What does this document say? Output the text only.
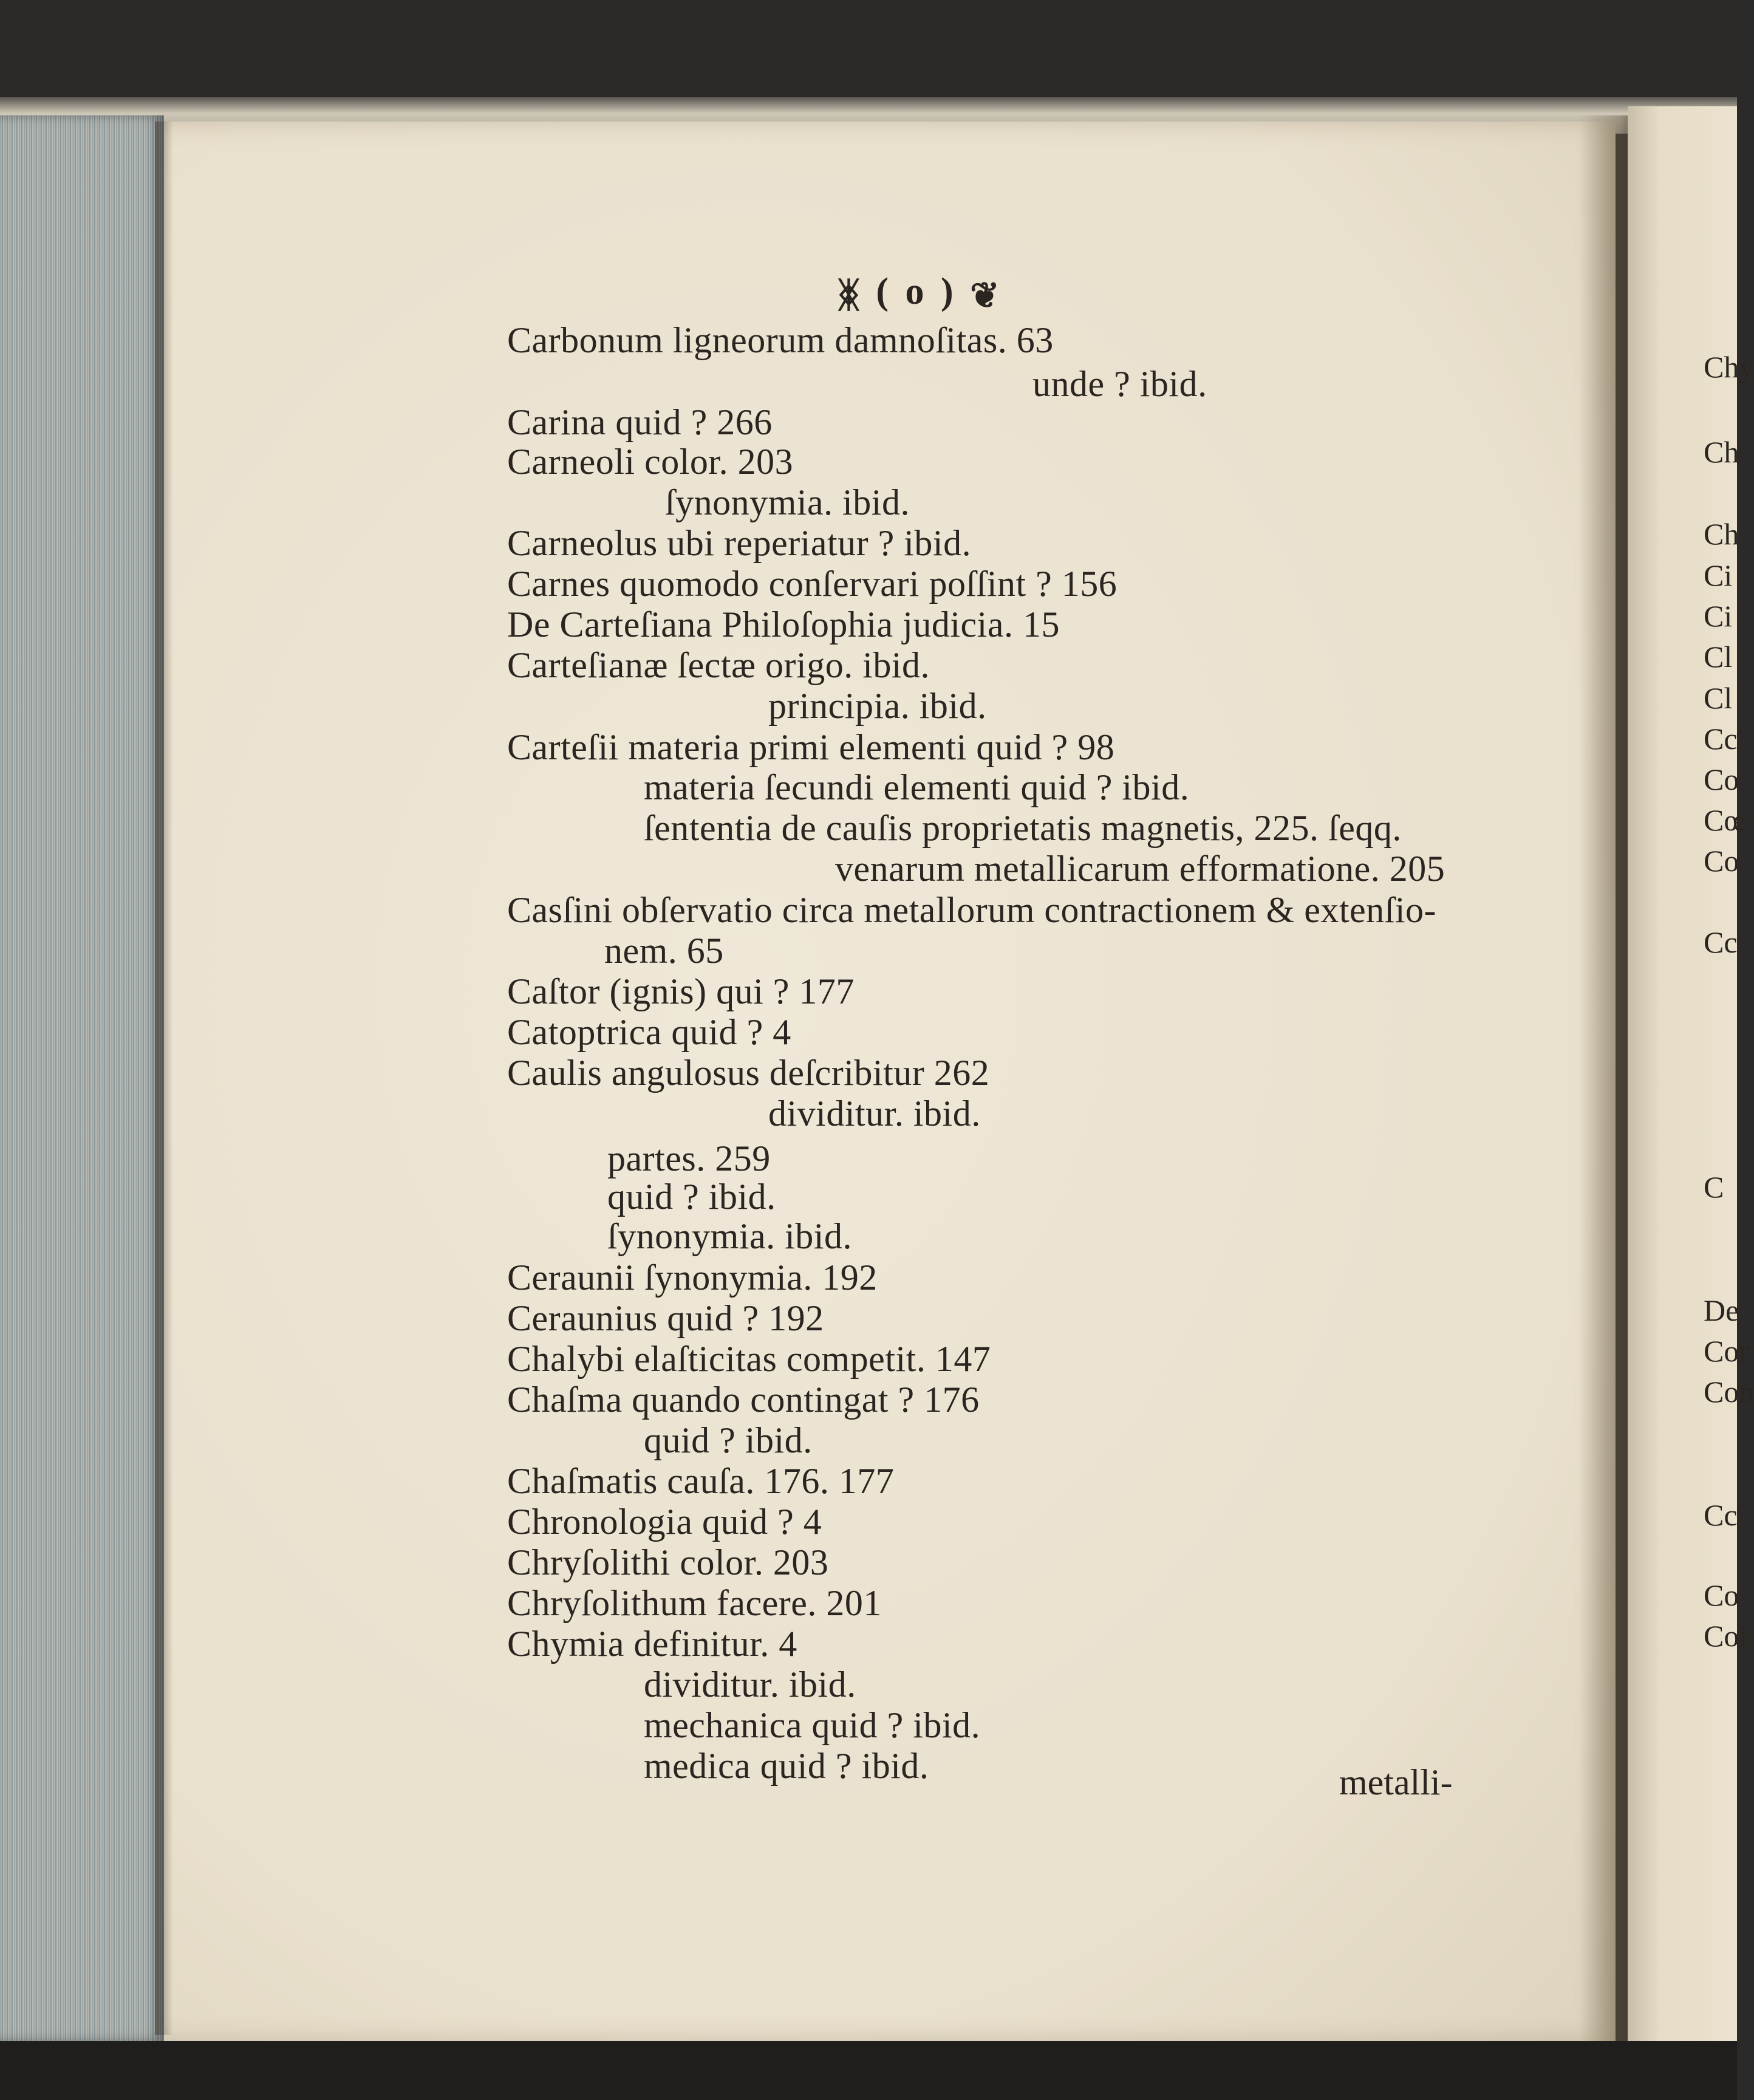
ᛤ ( o ) ❦
Carbonum ligneorum damnoſitas. 63
unde ? ibid.
Carina quid ? 266
Carneoli color. 203
ſynonymia. ibid.
Carneolus ubi reperiatur ? ibid.
Carnes quomodo conſervari poſſint ? 156
De Carteſiana Philoſophia judicia. 15
Carteſianæ ſectæ origo. ibid.
principia. ibid.
Carteſii materia primi elementi quid ? 98
materia ſecundi elementi quid ? ibid.
ſententia de cauſis proprietatis magnetis, 225. ſeqq.
venarum metallicarum efformatione. 205
Casſini obſervatio circa metallorum contractionem & extenſio-
nem. 65
Caſtor (ignis) qui ? 177
Catoptrica quid ? 4
Caulis angulosus deſcribitur 262
dividitur. ibid.
partes. 259
quid ? ibid.
ſynonymia. ibid.
Ceraunii ſynonymia. 192
Ceraunius quid ? 192
Chalybi elaſticitas competit. 147
Chaſma quando contingat ? 176
quid ? ibid.
Chaſmatis cauſa. 176. 177
Chronologia quid ? 4
Chryſolithi color. 203
Chryſolithum facere. 201
Chymia definitur. 4
dividitur. ibid.
mechanica quid ? ibid.
medica quid ? ibid.	metalli-
Chy
Ch
Ch
Ci
Ci
Cl
Cl
Cc
Co
Cœ
Co
Cc
C
De
Cor
Con
Cc
Co
Coi
